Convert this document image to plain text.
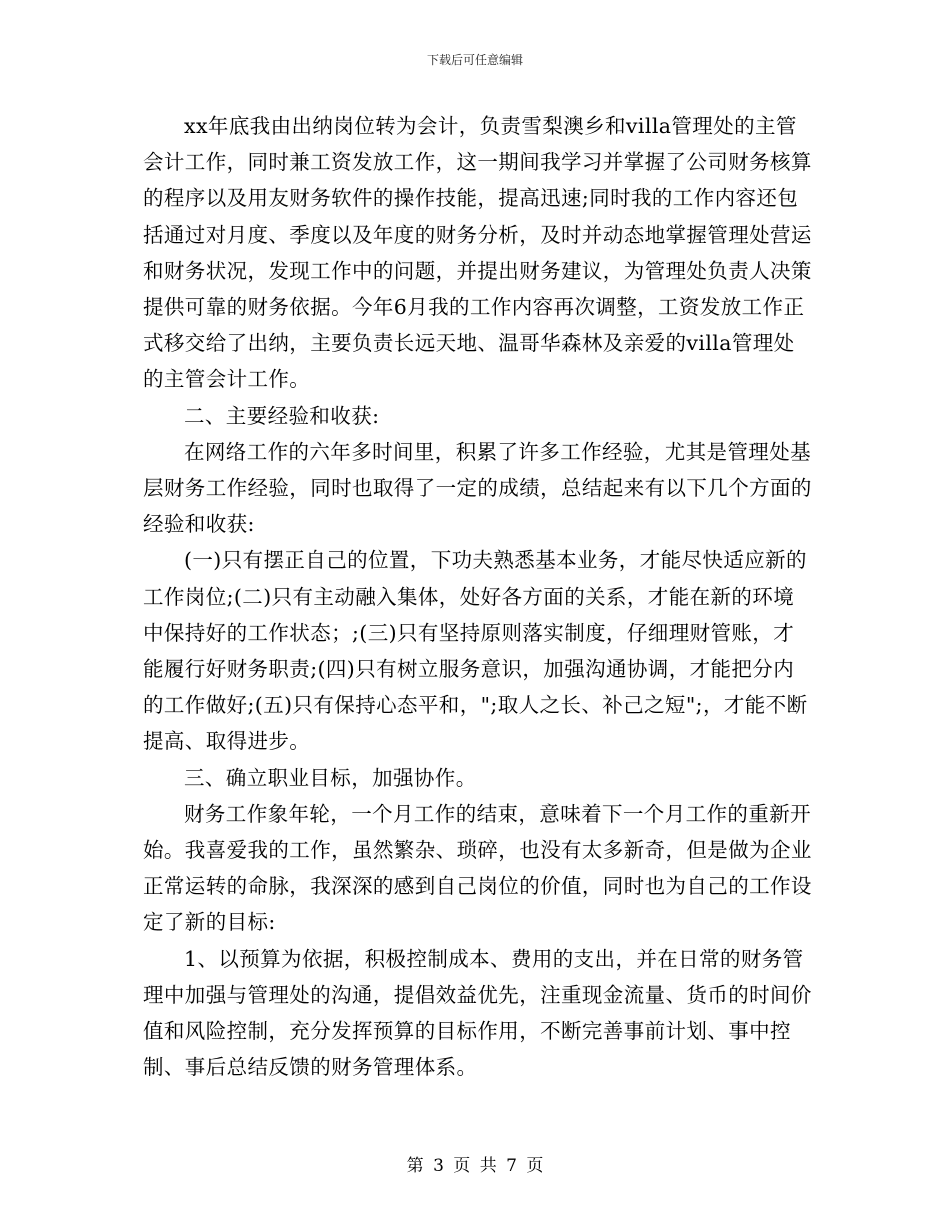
下载后可任意编辑

xx年底我由出纳岗位转为会计，负责雪梨澳乡和villa管理处的主管会计工作，同时兼工资发放工作，这一期间我学习并掌握了公司财务核算的程序以及用友财务软件的操作技能，提高迅速;同时我的工作内容还包括通过对月度、季度以及年度的财务分析，及时并动态地掌握管理处营运和财务状况，发现工作中的问题，并提出财务建议，为管理处负责人决策提供可靠的财务依据。今年6月我的工作内容再次调整，工资发放工作正式移交给了出纳，主要负责长远天地、温哥华森林及亲爱的villa管理处的主管会计工作。

二、主要经验和收获:

在网络工作的六年多时间里，积累了许多工作经验，尤其是管理处基层财务工作经验，同时也取得了一定的成绩，总结起来有以下几个方面的经验和收获:

(一)只有摆正自己的位置，下功夫熟悉基本业务，才能尽快适应新的工作岗位;(二)只有主动融入集体，处好各方面的关系，才能在新的环境中保持好的工作状态；;(三)只有坚持原则落实制度，仔细理财管账，才能履行好财务职责;(四)只有树立服务意识，加强沟通协调，才能把分内的工作做好;(五)只有保持心态平和，";取人之长、补己之短";，才能不断提高、取得进步。

三、确立职业目标，加强协作。

财务工作象年轮，一个月工作的结束，意味着下一个月工作的重新开始。我喜爱我的工作，虽然繁杂、琐碎，也没有太多新奇，但是做为企业正常运转的命脉，我深深的感到自己岗位的价值，同时也为自己的工作设定了新的目标:

1、以预算为依据，积极控制成本、费用的支出，并在日常的财务管理中加强与管理处的沟通，提倡效益优先，注重现金流量、货币的时间价值和风险控制，充分发挥预算的目标作用，不断完善事前计划、事中控制、事后总结反馈的财务管理体系。

第 3 页 共 7 页
